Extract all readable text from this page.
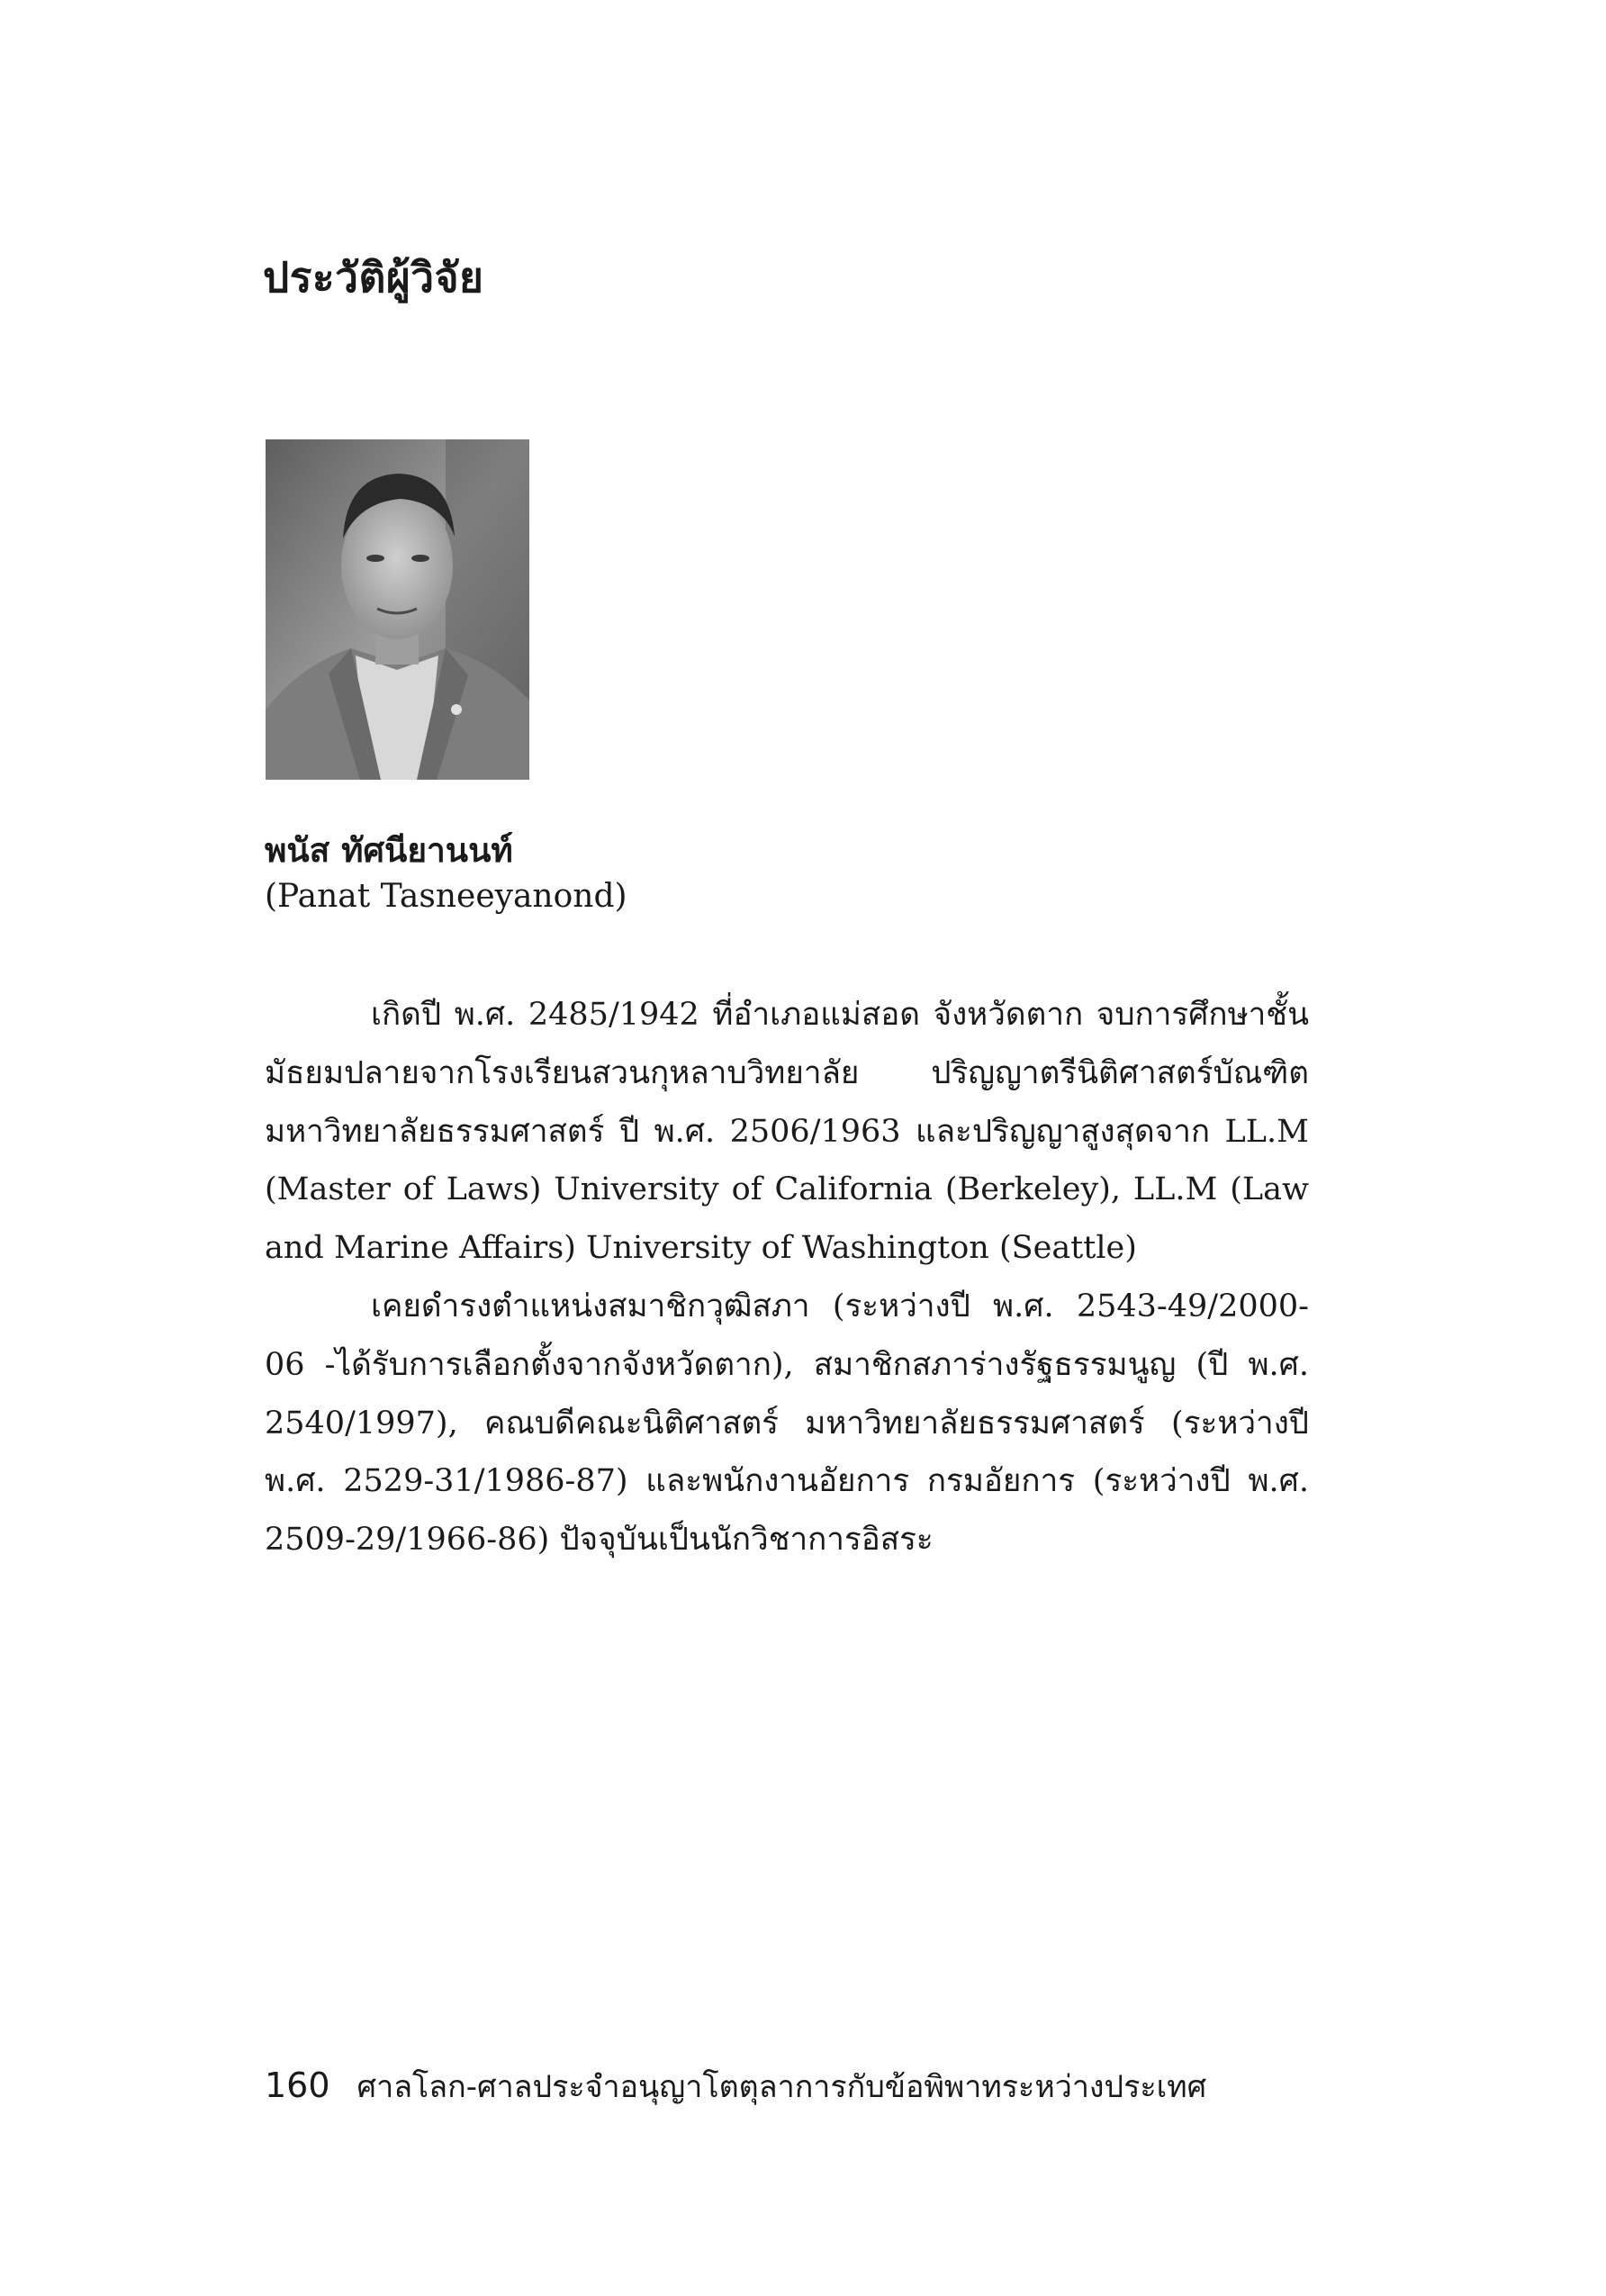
ประวัติผู้วิจัย

พนัส ทัศนียานนท์

(Panat Tasneeyanond)

เกิดปี พ.ศ. 2485/1942 ที่อำเภอแม่สอด จังหวัดตาก จบการศึกษาชั้นมัธยมปลายจากโรงเรียนสวนกุหลาบวิทยาลัย ปริญญาตรีนิติศาสตร์บัณฑิต มหาวิทยาลัยธรรมศาสตร์ ปี พ.ศ. 2506/1963 และปริญญาสูงสุดจาก LL.M (Master of Laws) University of California (Berkeley), LL.M (Law and Marine Affairs) University of Washington (Seattle)

เคยดำรงตำแหน่งสมาชิกวุฒิสภา (ระหว่างปี พ.ศ. 2543-49/2000-06 -ได้รับการเลือกตั้งจากจังหวัดตาก), สมาชิกสภาร่างรัฐธรรมนูญ (ปี พ.ศ. 2540/1997), คณบดีคณะนิติศาสตร์ มหาวิทยาลัยธรรมศาสตร์ (ระหว่างปี พ.ศ. 2529-31/1986-87) และพนักงานอัยการ กรมอัยการ (ระหว่างปี พ.ศ. 2509-29/1966-86) ปัจจุบันเป็นนักวิชาการอิสระ

160 ศาลโลก-ศาลประจำอนุญาโตตุลาการกับข้อพิพาทระหว่างประเทศ
